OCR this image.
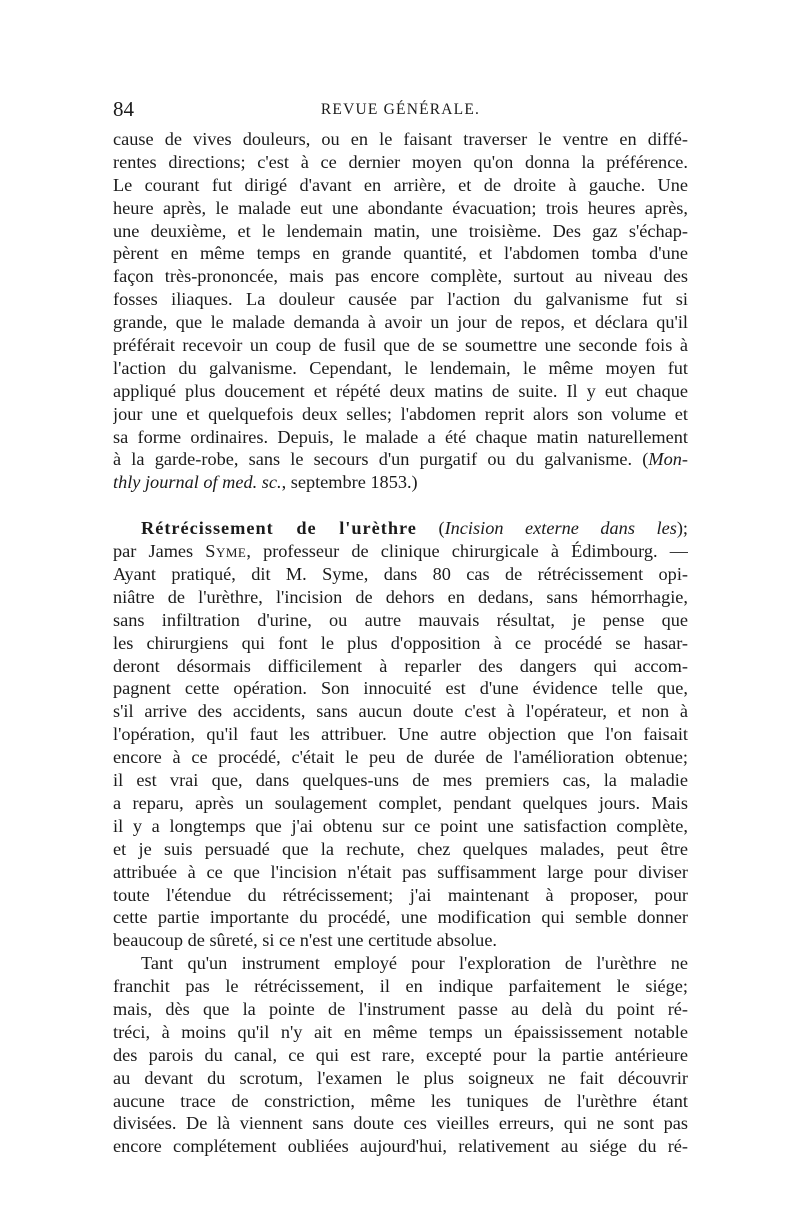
84	REVUE GÉNÉRALE.
cause de vives douleurs, ou en le faisant traverser le ventre en diffé-
rentes directions; c'est à ce dernier moyen qu'on donna la préférence.
Le courant fut dirigé d'avant en arrière, et de droite à gauche. Une
heure après, le malade eut une abondante évacuation; trois heures après,
une deuxième, et le lendemain matin, une troisième. Des gaz s'échap-
pèrent en même temps en grande quantité, et l'abdomen tomba d'une
façon très-prononcée, mais pas encore complète, surtout au niveau des
fosses iliaques. La douleur causée par l'action du galvanisme fut si
grande, que le malade demanda à avoir un jour de repos, et déclara qu'il
préférait recevoir un coup de fusil que de se soumettre une seconde fois à
l'action du galvanisme. Cependant, le lendemain, le même moyen fut
appliqué plus doucement et répété deux matins de suite. Il y eut chaque
jour une et quelquefois deux selles; l'abdomen reprit alors son volume et
sa forme ordinaires. Depuis, le malade a été chaque matin naturellement
à la garde-robe, sans le secours d'un purgatif ou du galvanisme. (Mon-
thly journal of med. sc., septembre 1853.)
Rétrécissement de l'urèthre (Incision externe dans les);
par James Syme, professeur de clinique chirurgicale à Édimbourg. —
Ayant pratiqué, dit M. Syme, dans 80 cas de rétrécissement opi-
niâtre de l'urèthre, l'incision de dehors en dedans, sans hémorrhagie,
sans infiltration d'urine, ou autre mauvais résultat, je pense que
les chirurgiens qui font le plus d'opposition à ce procédé se hasar-
deront désormais difficilement à reparler des dangers qui accom-
pagnent cette opération. Son innocuité est d'une évidence telle que,
s'il arrive des accidents, sans aucun doute c'est à l'opérateur, et non à
l'opération, qu'il faut les attribuer. Une autre objection que l'on faisait
encore à ce procédé, c'était le peu de durée de l'amélioration obtenue;
il est vrai que, dans quelques-uns de mes premiers cas, la maladie
a reparu, après un soulagement complet, pendant quelques jours. Mais
il y a longtemps que j'ai obtenu sur ce point une satisfaction complète,
et je suis persuadé que la rechute, chez quelques malades, peut être
attribuée à ce que l'incision n'était pas suffisamment large pour diviser
toute l'étendue du rétrécissement; j'ai maintenant à proposer, pour
cette partie importante du procédé, une modification qui semble donner
beaucoup de sûreté, si ce n'est une certitude absolue.
Tant qu'un instrument employé pour l'exploration de l'urèthre ne
franchit pas le rétrécissement, il en indique parfaitement le siége;
mais, dès que la pointe de l'instrument passe au delà du point ré-
tréci, à moins qu'il n'y ait en même temps un épaississement notable
des parois du canal, ce qui est rare, excepté pour la partie antérieure
au devant du scrotum, l'examen le plus soigneux ne fait découvrir
aucune trace de constriction, même les tuniques de l'urèthre étant
divisées. De là viennent sans doute ces vieilles erreurs, qui ne sont pas
encore complétement oubliées aujourd'hui, relativement au siége du ré-
